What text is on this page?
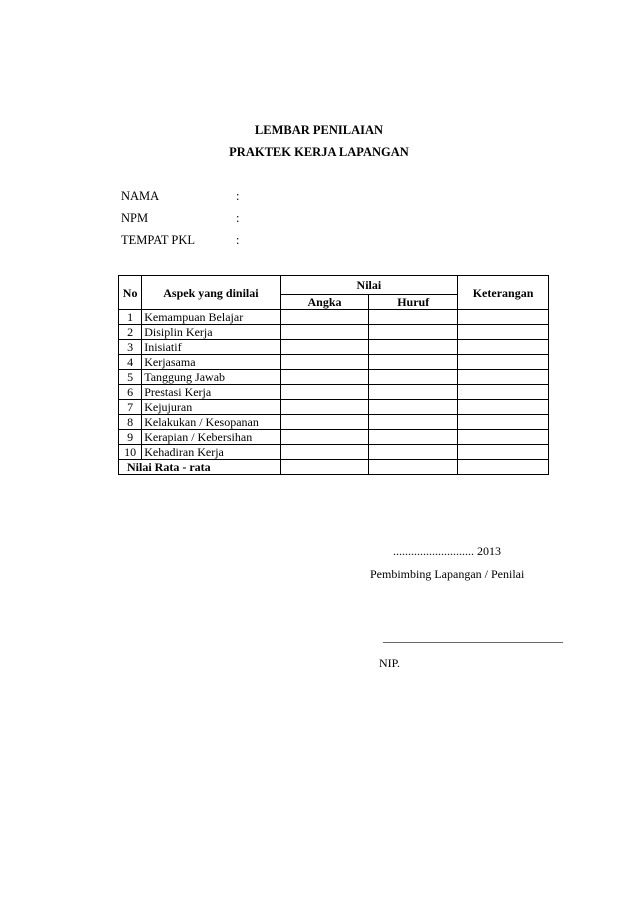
LEMBAR PENILAIAN
PRAKTEK KERJA LAPANGAN
NAMA	:
NPM	:
TEMPAT PKL	:
No	Aspek yang dinilai	Nilai		Keterangan
		Angka	Huruf	
1	Kemampuan Belajar			
2	Disiplin Kerja			
3	Inisiatif			
4	Kerjasama			
5	Tanggung Jawab			
6	Prestasi Kerja			
7	Kejujuran			
8	Kelakukan / Kesopanan			
9	Kerapian / Kebersihan			
10	Kehadiran Kerja			
Nilai Rata - rata				
........................... 2013
Pembimbing Lapangan / Penilai
______________________________
NIP.
